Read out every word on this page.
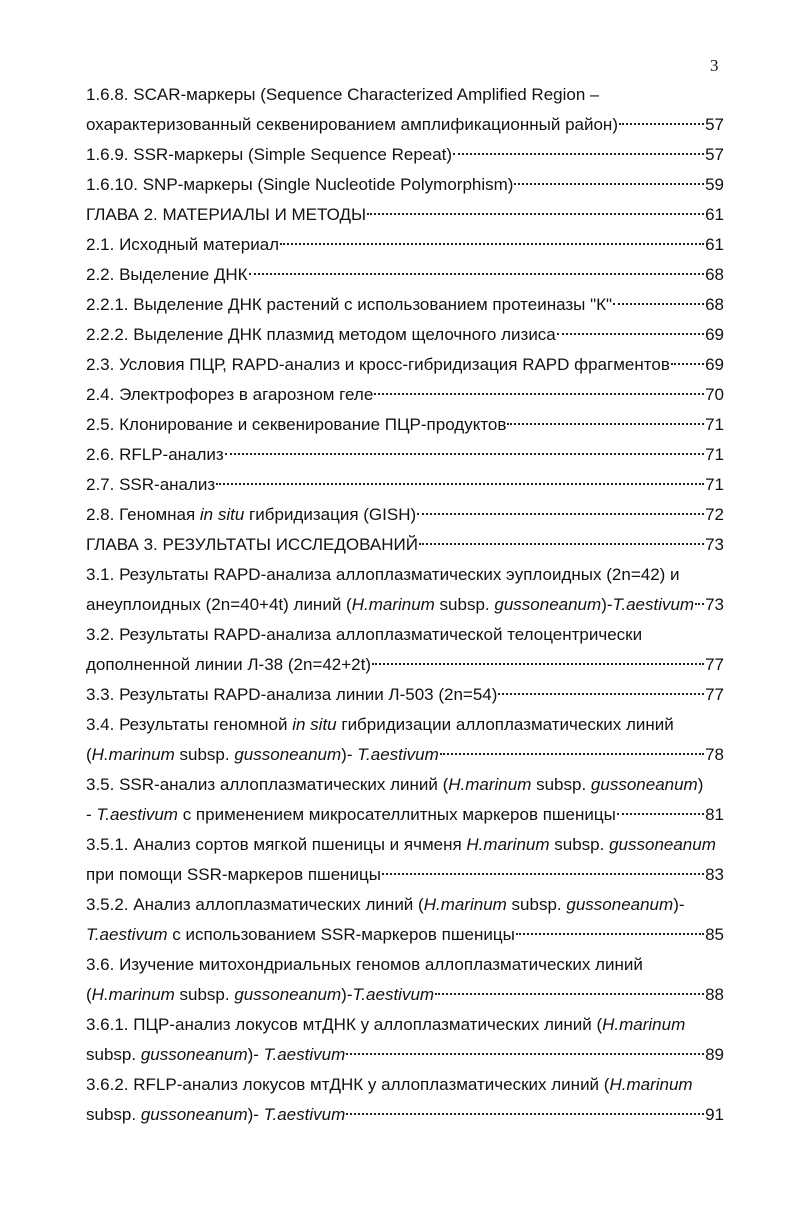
3
1.6.8. SCAR-маркеры (Sequence Characterized Amplified Region –
охарактеризованный секвенированием амплификационный район)	57
1.6.9. SSR-маркеры (Simple Sequence Repeat)	57
1.6.10. SNP-маркеры (Single Nucleotide Polymorphism)	59
ГЛАВА 2. МАТЕРИАЛЫ И МЕТОДЫ	61
2.1. Исходный материал	61
2.2. Выделение ДНК	68
2.2.1. Выделение ДНК растений с использованием протеиназы "К"	68
2.2.2. Выделение ДНК плазмид методом щелочного лизиса	69
2.3. Условия ПЦР, RAPD-анализ и кросс-гибридизация RAPD фрагментов 69
2.4. Электрофорез в агарозном геле	70
2.5. Клонирование и секвенирование ПЦР-продуктов	71
2.6. RFLP-анализ	71
2.7. SSR-анализ	71
2.8. Геномная in situ гибридизация (GISH)	72
ГЛАВА 3. РЕЗУЛЬТАТЫ ИССЛЕДОВАНИЙ	73
3.1. Результаты RAPD-анализа аллоплазматических эуплоидных (2n=42) и
анеуплоидных (2n=40+4t) линий (H.marinum subsp. gussoneanum)-T.aestivum 73
3.2. Результаты RAPD-анализа аллоплазматической телоцентрически
дополненной линии Л-38 (2n=42+2t)	77
3.3. Результаты RAPD-анализа линии Л-503 (2n=54)	77
3.4. Результаты геномной in situ гибридизации аллоплазматических линий
(H.marinum subsp. gussoneanum)- T.aestivum	78
3.5. SSR-анализ аллоплазматических линий (H.marinum subsp. gussoneanum)
- T.aestivum с применением микросателлитных маркеров пшеницы	81
3.5.1. Анализ сортов мягкой пшеницы и ячменя H.marinum subsp. gussoneanum
при помощи SSR-маркеров пшеницы	83
3.5.2. Анализ аллоплазматических линий (H.marinum subsp. gussoneanum)-
T.aestivum с использованием SSR-маркеров пшеницы	85
3.6. Изучение митохондриальных геномов аллоплазматических линий
(H.marinum subsp. gussoneanum)-T.aestivum	88
3.6.1. ПЦР-анализ локусов мтДНК у аллоплазматических линий (H.marinum
subsp. gussoneanum)- T.aestivum	89
3.6.2. RFLP-анализ локусов мтДНК у аллоплазматических линий (H.marinum
subsp. gussoneanum)- T.aestivum	91
